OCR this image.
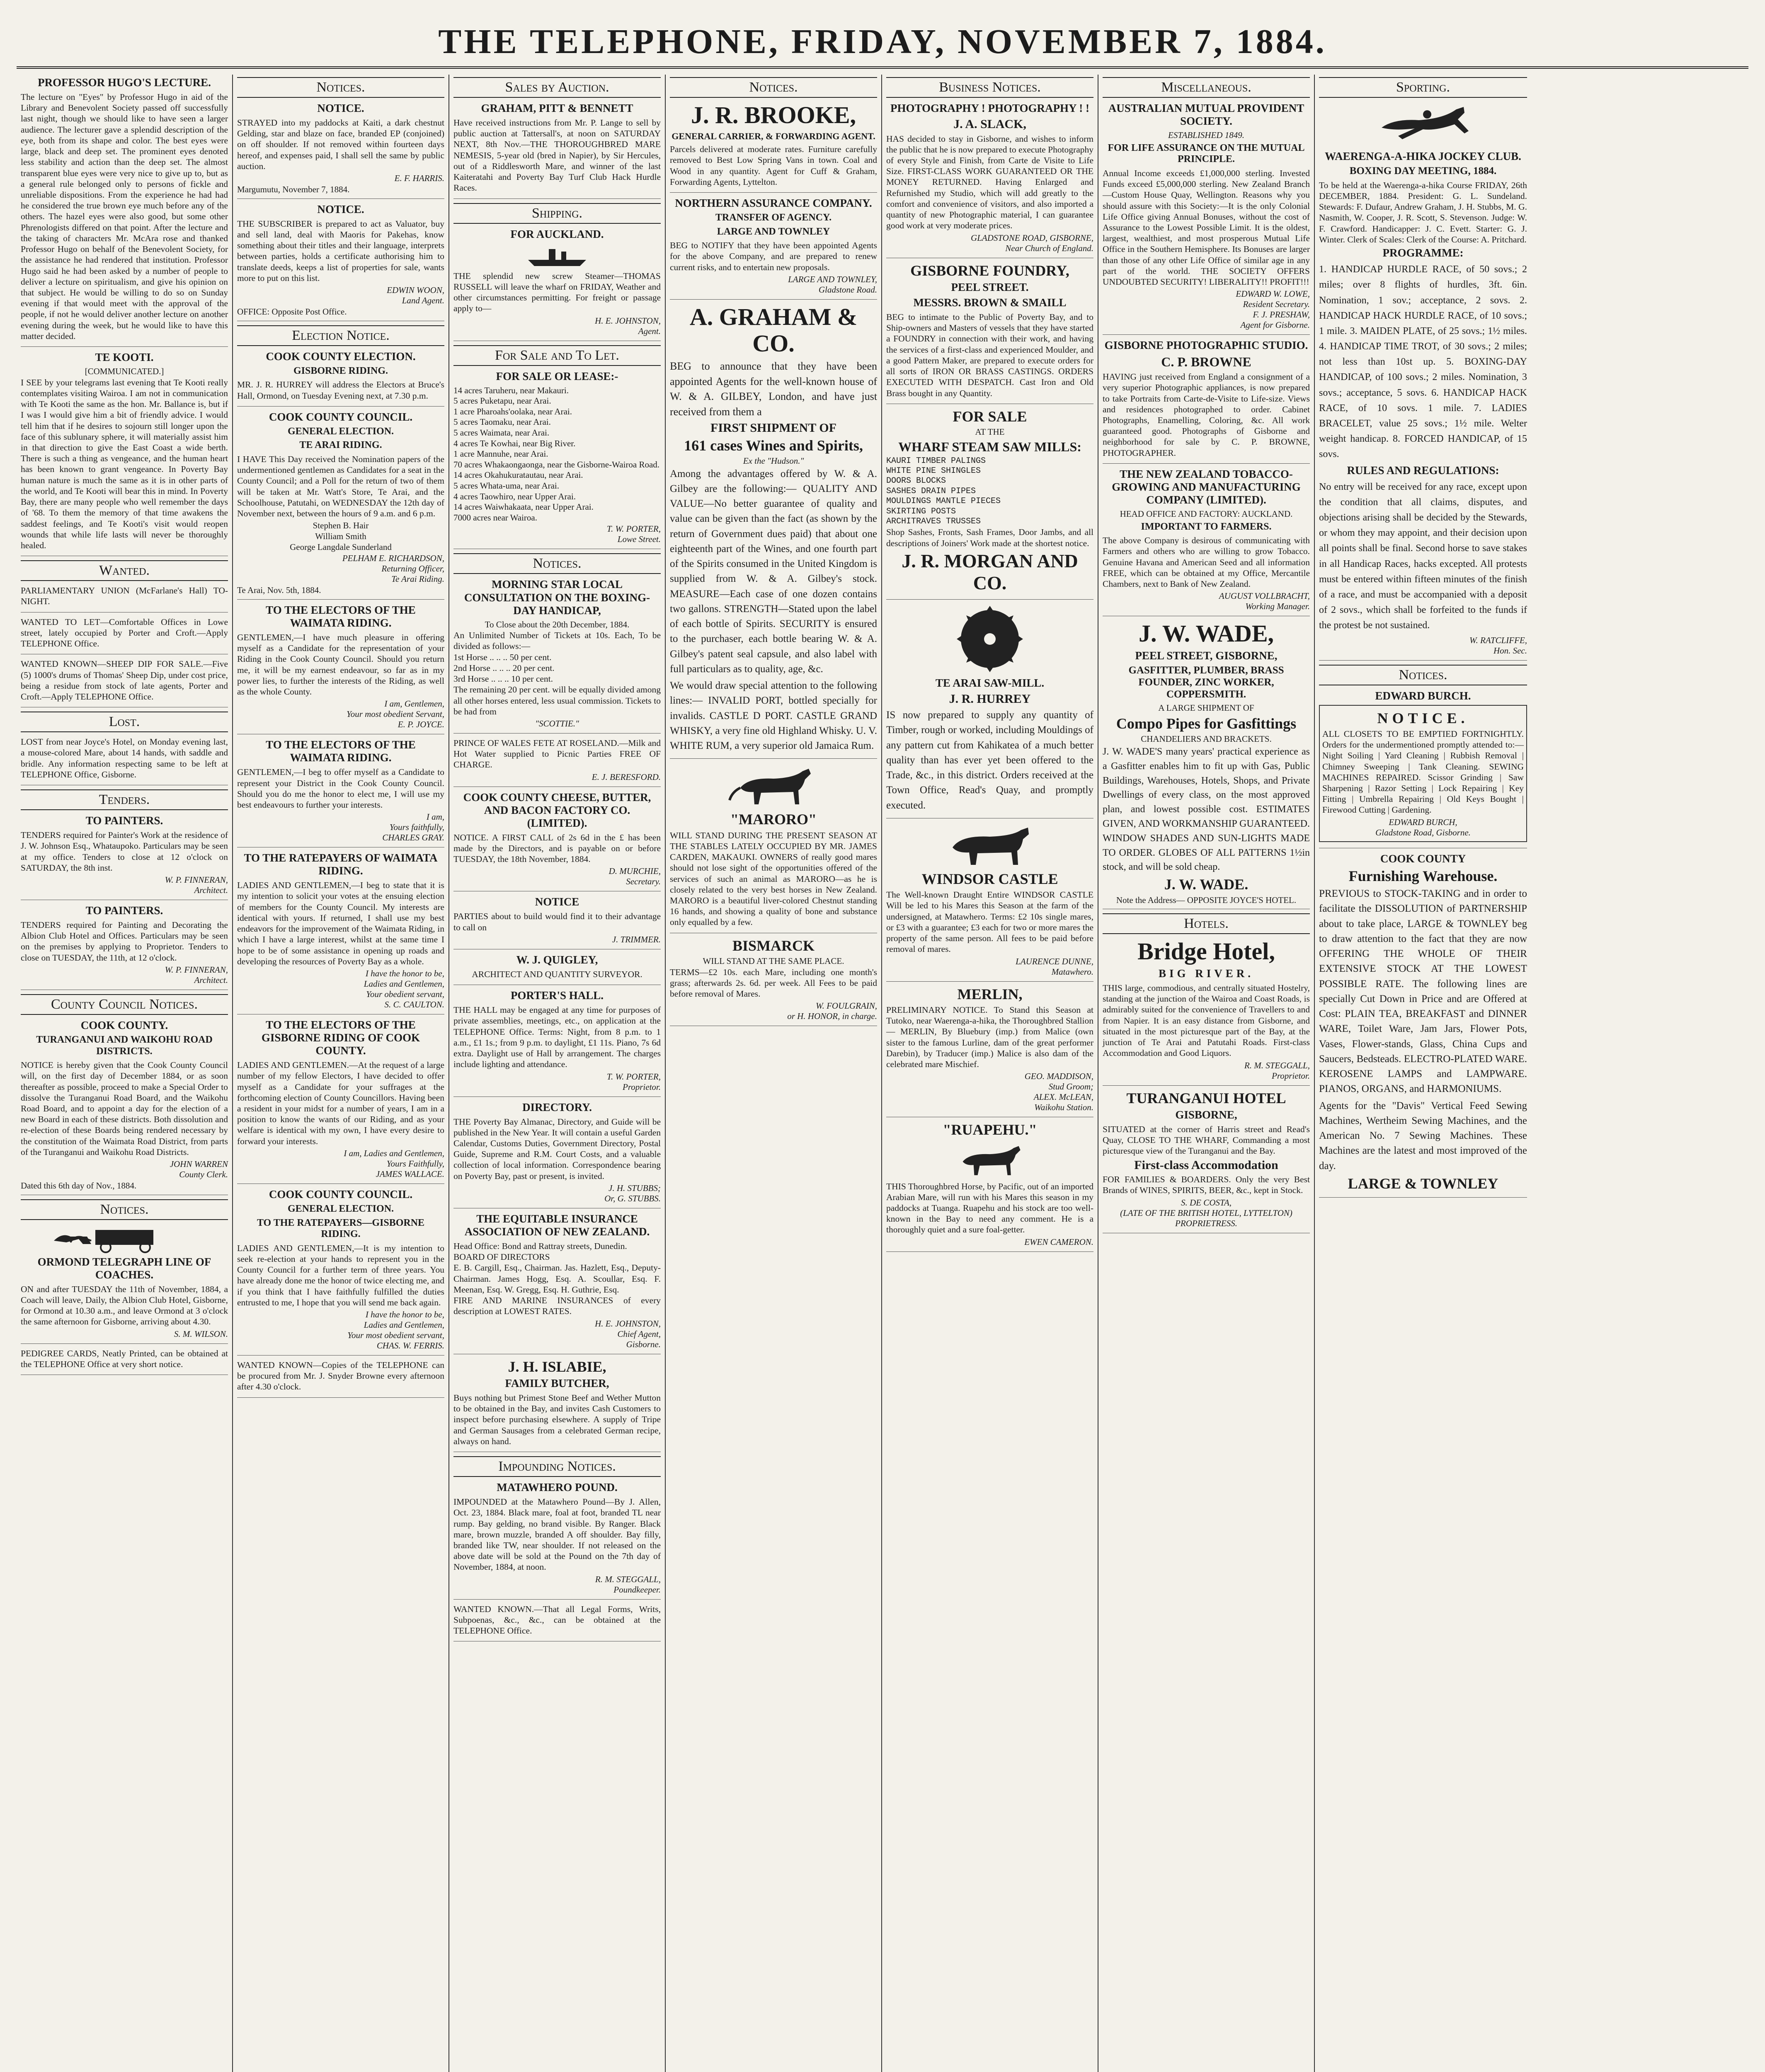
THE TELEPHONE, FRIDAY, NOVEMBER 7, 1884.
PROFESSOR HUGO'S LECTURE.

The lecture on "Eyes" by Professor Hugo in aid of the Library and Benevolent Society passed off successfully last night, though we should like to have seen a larger audience. The lecturer gave a splendid description of the eye, both from its shape and color. The best eyes were large, black and deep set. The prominent eyes denoted less stability and action than the deep set. The almost transparent blue eyes were very nice to give up to, but as a general rule belonged only to persons of fickle and unreliable dispositions. From the experience he had had he considered the true brown eye much before any of the others. The hazel eyes were also good, but some other Phrenologists differed on that point. After the lecture and the taking of characters Mr. McAra rose and thanked Professor Hugo on behalf of the Benevolent Society, for the assistance he had rendered that institution. Professor Hugo said he had been asked by a number of people to deliver a lecture on spiritualism, and give his opinion on that subject. He would be willing to do so on Sunday evening if that would meet with the approval of the people, if not he would deliver another lecture on another evening during the week, but he would like to have this matter decided.

TE KOOTI.
[COMMUNICATED.]

I SEE by your telegrams last evening that Te Kooti really contemplates visiting Wairoa. I am not in communication with Te Kooti the same as the hon. Mr. Ballance is, but if I was I would give him a bit of friendly advice. I would tell him that if he desires to sojourn still longer upon the face of this sublunary sphere, it will materially assist him in that direction to give the East Coast a wide berth. There is such a thing as vengeance, and the human heart has been known to grant vengeance. In Poverty Bay human nature is much the same as it is in other parts of the world, and Te Kooti will bear this in mind. In Poverty Bay, there are many people who well remember the days of '68. To them the memory of that time awakens the saddest feelings, and Te Kooti's visit would reopen wounds that while life lasts will never be thoroughly healed.

Wanted.

PARLIAMENTARY UNION (McFarlane's Hall) TO-NIGHT.

WANTED TO LET—Comfortable Offices in Lowe street, lately occupied by Porter and Croft.—Apply TELEPHONE Office.

WANTED KNOWN—SHEEP DIP FOR SALE.—Five (5) 1000's drums of Thomas' Sheep Dip, under cost price, being a residue from stock of late agents, Porter and Croft.—Apply TELEPHONE Office.

Lost.

LOST from near Joyce's Hotel, on Monday evening last, a mouse-colored Mare, about 14 hands, with saddle and bridle. Any information respecting same to be left at TELEPHONE Office, Gisborne.

Tenders.
TO PAINTERS.

TENDERS required for Painter's Work at the residence of J. W. Johnson Esq., Whataupoko. Particulars may be seen at my office. Tenders to close at 12 o'clock on SATURDAY, the 8th inst.

W. P. FINNERAN,
Architect.
TO PAINTERS.

TENDERS required for Painting and Decorating the Albion Club Hotel and Offices. Particulars may be seen on the premises by applying to Proprietor. Tenders to close on TUESDAY, the 11th, at 12 o'clock.

W. P. FINNERAN,
Architect.
County Council Notices.
COOK COUNTY.
TURANGANUI AND WAIKOHU ROAD DISTRICTS.

NOTICE is hereby given that the Cook County Council will, on the first day of December 1884, or as soon thereafter as possible, proceed to make a Special Order to dissolve the Turanganui Road Board, and the Waikohu Road Board, and to appoint a day for the election of a new Board in each of these districts. Both dissolution and re-election of these Boards being rendered necessary by the constitution of the Waimata Road District, from parts of the Turanganui and Waikohu Road Districts.

JOHN WARREN
County Clerk.
Dated this 6th day of Nov., 1884.
Notices.
ORMOND TELEGRAPH LINE OF COACHES.

ON and after TUESDAY the 11th of November, 1884, a Coach will leave, Daily, the Albion Club Hotel, Gisborne, for Ormond at 10.30 a.m., and leave Ormond at 3 o'clock the same afternoon for Gisborne, arriving about 4.30.

S. M. WILSON.

PEDIGREE CARDS, Neatly Printed, can be obtained at the TELEPHONE Office at very short notice.

Notices.
NOTICE.

STRAYED into my paddocks at Kaiti, a dark chestnut Gelding, star and blaze on face, branded EP (conjoined) on off shoulder. If not removed within fourteen days hereof, and expenses paid, I shall sell the same by public auction.

E. F. HARRIS.
Margumutu, November 7, 1884.
NOTICE.

THE SUBSCRIBER is prepared to act as Valuator, buy and sell land, deal with Maoris for Pakehas, know something about their titles and their language, interprets between parties, holds a certificate authorising him to translate deeds, keeps a list of properties for sale, wants more to put on this list.

EDWIN WOON,
Land Agent.
OFFICE: Opposite Post Office.
Election Notice.
COOK COUNTY ELECTION.
GISBORNE RIDING.

MR. J. R. HURREY will address the Electors at Bruce's Hall, Ormond, on Tuesday Evening next, at 7.30 p.m.

COOK COUNTY COUNCIL.
GENERAL ELECTION.
TE ARAI RIDING.

I HAVE This Day received the Nomination papers of the undermentioned gentlemen as Candidates for a seat in the County Council; and a Poll for the return of two of them will be taken at Mr. Watt's Store, Te Arai, and the Schoolhouse, Patutahi, on WEDNESDAY the 12th day of November next, between the hours of 9 a.m. and 6 p.m.

Stephen B. Hair
William Smith
George Langdale Sunderland
PELHAM E. RICHARDSON,
Returning Officer,
Te Arai Riding.
Te Arai, Nov. 5th, 1884.
TO THE ELECTORS OF THE WAIMATA RIDING.

GENTLEMEN,—I have much pleasure in offering myself as a Candidate for the representation of your Riding in the Cook County Council. Should you return me, it will be my earnest endeavour, so far as in my power lies, to further the interests of the Riding, as well as the whole County.

I am, Gentlemen,
Your most obedient Servant,
E. P. JOYCE.
TO THE ELECTORS OF THE WAIMATA RIDING.

GENTLEMEN,—I beg to offer myself as a Candidate to represent your District in the Cook County Council. Should you do me the honor to elect me, I will use my best endeavours to further your interests.

I am,
Yours faithfully,
CHARLES GRAY.
TO THE RATEPAYERS OF WAIMATA RIDING.

LADIES AND GENTLEMEN,—I beg to state that it is my intention to solicit your votes at the ensuing election of members for the County Council. My interests are identical with yours. If returned, I shall use my best endeavors for the improvement of the Waimata Riding, in which I have a large interest, whilst at the same time I hope to be of some assistance in opening up roads and developing the resources of Poverty Bay as a whole.

I have the honor to be,
Ladies and Gentlemen,
Your obedient servant,
S. C. CAULTON.
TO THE ELECTORS OF THE GISBORNE RIDING OF COOK COUNTY.

LADIES AND GENTLEMEN.—At the request of a large number of my fellow Electors, I have decided to offer myself as a Candidate for your suffrages at the forthcoming election of County Councillors. Having been a resident in your midst for a number of years, I am in a position to know the wants of our Riding, and as your welfare is identical with my own, I have every desire to forward your interests.

I am, Ladies and Gentlemen,
Yours Faithfully,
JAMES WALLACE.
COOK COUNTY COUNCIL.
GENERAL ELECTION.
TO THE RATEPAYERS—GISBORNE RIDING.

LADIES AND GENTLEMEN,—It is my intention to seek re-election at your hands to represent you in the County Council for a further term of three years. You have already done me the honor of twice electing me, and if you think that I have faithfully fulfilled the duties entrusted to me, I hope that you will send me back again.

I have the honor to be,
Ladies and Gentlemen,
Your most obedient servant,
CHAS. W. FERRIS.

WANTED KNOWN—Copies of the TELEPHONE can be procured from Mr. J. Snyder Browne every afternoon after 4.30 o'clock.

Sales by Auction.
GRAHAM, PITT & BENNETT

Have received instructions from Mr. P. Lange to sell by public auction at Tattersall's, at noon on SATURDAY NEXT, 8th Nov.—THE THOROUGHBRED MARE NEMESIS, 5-year old (bred in Napier), by Sir Hercules, out of a Riddlesworth Mare, and winner of the last Kaiteratahi and Poverty Bay Turf Club Hack Hurdle Races.

Shipping.
FOR AUCKLAND.

THE splendid new screw Steamer—THOMAS RUSSELL will leave the wharf on FRIDAY, Weather and other circumstances permitting. For freight or passage apply to—

H. E. JOHNSTON,
Agent.
For Sale and To Let.
FOR SALE OR LEASE:-
14 acres Taruheru, near Makauri.
5 acres Puketapu, near Arai.
1 acre Pharoahs'oolaka, near Arai.
5 acres Taomaku, near Arai.
5 acres Waimata, near Arai.
4 acres Te Kowhai, near Big River.
1 acre Mannuhe, near Arai.
70 acres Whakaongaonga, near the Gisborne-Wairoa Road.
14 acres Okahukuratautau, near Arai.
5 acres Whata-uma, near Arai.
4 acres Taowhiro, near Upper Arai.
14 acres Waiwhakaata, near Upper Arai.
7000 acres near Wairoa.
T. W. PORTER,
Lowe Street.
Notices.
MORNING STAR LOCAL CONSULTATION ON THE BOXING-DAY HANDICAP,
To Close about the 20th December, 1884.

An Unlimited Number of Tickets at 10s. Each, To be divided as follows:—
1st Horse .. .. .. 50 per cent.
2nd Horse .. .. .. 20 per cent.
3rd Horse .. .. .. 10 per cent.
The remaining 20 per cent. will be equally divided among all other horses entered, less usual commission. Tickets to be had from

"SCOTTIE."

PRINCE OF WALES FETE AT ROSELAND.—Milk and Hot Water supplied to Picnic Parties FREE OF CHARGE.

E. J. BERESFORD.
COOK COUNTY CHEESE, BUTTER, AND BACON FACTORY CO. (LIMITED).

NOTICE. A FIRST CALL of 2s 6d in the £ has been made by the Directors, and is payable on or before TUESDAY, the 18th November, 1884.

D. MURCHIE,
Secretary.
NOTICE

PARTIES about to build would find it to their advantage to call on

J. TRIMMER.
W. J. QUIGLEY,

ARCHITECT AND QUANTITY SURVEYOR.

PORTER'S HALL.

THE HALL may be engaged at any time for purposes of private assemblies, meetings, etc., on application at the TELEPHONE Office. Terms: Night, from 8 p.m. to 1 a.m., £1 1s.; from 9 p.m. to daylight, £1 11s. Piano, 7s 6d extra. Daylight use of Hall by arrangement. The charges include lighting and attendance.

T. W. PORTER,
Proprietor.
DIRECTORY.

THE Poverty Bay Almanac, Directory, and Guide will be published in the New Year. It will contain a useful Garden Calendar, Customs Duties, Government Directory, Postal Guide, Supreme and R.M. Court Costs, and a valuable collection of local information. Correspondence bearing on Poverty Bay, past or present, is invited.

J. H. STUBBS;
Or, G. STUBBS.
THE EQUITABLE INSURANCE ASSOCIATION OF NEW ZEALAND.

Head Office: Bond and Rattray streets, Dunedin.
BOARD OF DIRECTORS
E. B. Cargill, Esq., Chairman. Jas. Hazlett, Esq., Deputy-Chairman. James Hogg, Esq. A. Scoullar, Esq. F. Meenan, Esq. W. Gregg, Esq. H. Guthrie, Esq.
FIRE AND MARINE INSURANCES of every description at LOWEST RATES.

H. E. JOHNSTON,
Chief Agent,
Gisborne.
J. H. ISLABIE,
FAMILY BUTCHER,

Buys nothing but Primest Stone Beef and Wether Mutton to be obtained in the Bay, and invites Cash Customers to inspect before purchasing elsewhere. A supply of Tripe and German Sausages from a celebrated German recipe, always on hand.

Impounding Notices.
MATAWHERO POUND.

IMPOUNDED at the Matawhero Pound—By J. Allen, Oct. 23, 1884. Black mare, foal at foot, branded TL near rump. Bay gelding, no brand visible. By Ranger. Black mare, brown muzzle, branded A off shoulder. Bay filly, branded like TW, near shoulder. If not released on the above date will be sold at the Pound on the 7th day of November, 1884, at noon.

R. M. STEGGALL,
Poundkeeper.

WANTED KNOWN.—That all Legal Forms, Writs, Subpoenas, &c., &c., can be obtained at the TELEPHONE Office.

Notices.
J. R. BROOKE,
GENERAL CARRIER, & FORWARDING AGENT.

Parcels delivered at moderate rates. Furniture carefully removed to Best Low Spring Vans in town. Coal and Wood in any quantity. Agent for Cuff & Graham, Forwarding Agents, Lyttelton.

NORTHERN ASSURANCE COMPANY.
TRANSFER OF AGENCY.
LARGE AND TOWNLEY

BEG to NOTIFY that they have been appointed Agents for the above Company, and are prepared to renew current risks, and to entertain new proposals.

LARGE AND TOWNLEY,
Gladstone Road.
A. GRAHAM & CO.

BEG to announce that they have been appointed Agents for the well-known house of W. & A. GILBEY, London, and have just received from them a

FIRST SHIPMENT OF
161 cases Wines and Spirits,
Ex the "Hudson."

Among the advantages offered by W. & A. Gilbey are the following:— QUALITY AND VALUE—No better guarantee of quality and value can be given than the fact (as shown by the return of Government dues paid) that about one eighteenth part of the Wines, and one fourth part of the Spirits consumed in the United Kingdom is supplied from W. & A. Gilbey's stock. MEASURE—Each case of one dozen contains two gallons. STRENGTH—Stated upon the label of each bottle of Spirits. SECURITY is ensured to the purchaser, each bottle bearing W. & A. Gilbey's patent seal capsule, and also label with full particulars as to quality, age, &c.

We would draw special attention to the following lines:— INVALID PORT, bottled specially for invalids. CASTLE D PORT. CASTLE GRAND WHISKY, a very fine old Highland Whisky. U. V. WHITE RUM, a very superior old Jamaica Rum.

"MARORO"

WILL STAND DURING THE PRESENT SEASON AT THE STABLES LATELY OCCUPIED BY MR. JAMES CARDEN, MAKAUKI. OWNERS of really good mares should not lose sight of the opportunities offered of the services of such an animal as MARORO—as he is closely related to the very best horses in New Zealand. MARORO is a beautiful liver-colored Chestnut standing 16 hands, and showing a quality of bone and substance only equalled by a few.

BISMARCK
WILL STAND AT THE SAME PLACE.

TERMS—£2 10s. each Mare, including one month's grass; afterwards 2s. 6d. per week. All Fees to be paid before removal of Mares.

W. FOULGRAIN,
or H. HONOR, in charge.
Business Notices.
PHOTOGRAPHY ! PHOTOGRAPHY ! !
J. A. SLACK,

HAS decided to stay in Gisborne, and wishes to inform the public that he is now prepared to execute Photography of every Style and Finish, from Carte de Visite to Life Size. FIRST-CLASS WORK GUARANTEED OR THE MONEY RETURNED. Having Enlarged and Refurnished my Studio, which will add greatly to the comfort and convenience of visitors, and also imported a quantity of new Photographic material, I can guarantee good work at very moderate prices.

GLADSTONE ROAD, GISBORNE,
Near Church of England.
GISBORNE FOUNDRY,
PEEL STREET.
MESSRS. BROWN & SMAILL

BEG to intimate to the Public of Poverty Bay, and to Ship-owners and Masters of vessels that they have started a FOUNDRY in connection with their work, and having the services of a first-class and experienced Moulder, and a good Pattern Maker, are prepared to execute orders for all sorts of IRON OR BRASS CASTINGS. ORDERS EXECUTED WITH DESPATCH. Cast Iron and Old Brass bought in any Quantity.

FOR SALE
AT THE
WHARF STEAM SAW MILLS:
KAURI TIMBER PALINGS
WHITE PINE SHINGLES
DOORS BLOCKS
SASHES DRAIN PIPES
MOULDINGS MANTLE PIECES
SKIRTING POSTS
ARCHITRAVES TRUSSES

Shop Sashes, Fronts, Sash Frames, Door Jambs, and all descriptions of Joiners' Work made at the shortest notice.

J. R. MORGAN AND CO.
TE ARAI SAW-MILL.
J. R. HURREY

IS now prepared to supply any quantity of Timber, rough or worked, including Mouldings of any pattern cut from Kahikatea of a much better quality than has ever yet been offered to the Trade, &c., in this district. Orders received at the Town Office, Read's Quay, and promptly executed.

WINDSOR CASTLE

The Well-known Draught Entire WINDSOR CASTLE Will be led to his Mares this Season at the farm of the undersigned, at Matawhero. Terms: £2 10s single mares, or £3 with a guarantee; £3 each for two or more mares the property of the same person. All fees to be paid before removal of mares.

LAURENCE DUNNE,
Matawhero.
MERLIN,

PRELIMINARY NOTICE. To Stand this Season at Tutoko, near Waerenga-a-hika, the Thoroughbred Stallion— MERLIN, By Bluebury (imp.) from Malice (own sister to the famous Lurline, dam of the great performer Darebin), by Traducer (imp.) Malice is also dam of the celebrated mare Mischief.

GEO. MADDISON,
Stud Groom;
ALEX. McLEAN,
Waikohu Station.
"RUAPEHU."

THIS Thoroughbred Horse, by Pacific, out of an imported Arabian Mare, will run with his Mares this season in my paddocks at Tuanga. Ruapehu and his stock are too well-known in the Bay to need any comment. He is a thoroughly quiet and a sure foal-getter.

EWEN CAMERON.
Miscellaneous.
AUSTRALIAN MUTUAL PROVIDENT SOCIETY.
ESTABLISHED 1849.
FOR LIFE ASSURANCE ON THE MUTUAL PRINCIPLE.

Annual Income exceeds £1,000,000 sterling. Invested Funds exceed £5,000,000 sterling. New Zealand Branch—Custom House Quay, Wellington. Reasons why you should assure with this Society:—It is the only Colonial Life Office giving Annual Bonuses, without the cost of Assurance to the Lowest Possible Limit. It is the oldest, largest, wealthiest, and most prosperous Mutual Life Office in the Southern Hemisphere. Its Bonuses are larger than those of any other Life Office of similar age in any part of the world. THE SOCIETY OFFERS UNDOUBTED SECURITY! LIBERALITY!! PROFIT!!!

EDWARD W. LOWE,
Resident Secretary.
F. J. PRESHAW,
Agent for Gisborne.
GISBORNE PHOTOGRAPHIC STUDIO.
C. P. BROWNE

HAVING just received from England a consignment of a very superior Photographic appliances, is now prepared to take Portraits from Carte-de-Visite to Life-size. Views and residences photographed to order. Cabinet Photographs, Enamelling, Coloring, &c. All work guaranteed good. Photographs of Gisborne and neighborhood for sale by C. P. BROWNE, PHOTOGRAPHER.

THE NEW ZEALAND TOBACCO-GROWING AND MANUFACTURING COMPANY (LIMITED).
HEAD OFFICE AND FACTORY: AUCKLAND.
IMPORTANT TO FARMERS.

The above Company is desirous of communicating with Farmers and others who are willing to grow Tobacco. Genuine Havana and American Seed and all information FREE, which can be obtained at my Office, Mercantile Chambers, next to Bank of New Zealand.

AUGUST VOLLBRACHT,
Working Manager.
J. W. WADE,
PEEL STREET, GISBORNE,
GASFITTER, PLUMBER, BRASS FOUNDER, ZINC WORKER, COPPERSMITH.
A LARGE SHIPMENT OF
Compo Pipes for Gasfittings
CHANDELIERS AND BRACKETS.

J. W. WADE'S many years' practical experience as a Gasfitter enables him to fit up with Gas, Public Buildings, Warehouses, Hotels, Shops, and Private Dwellings of every class, on the most approved plan, and lowest possible cost. ESTIMATES GIVEN, AND WORKMANSHIP GUARANTEED. WINDOW SHADES AND SUN-LIGHTS MADE TO ORDER. GLOBES OF ALL PATTERNS 1½in stock, and will be sold cheap.

J. W. WADE.
Note the Address— OPPOSITE JOYCE'S HOTEL.
Hotels.
Bridge Hotel,
BIG RIVER.

THIS large, commodious, and centrally situated Hostelry, standing at the junction of the Wairoa and Coast Roads, is admirably suited for the convenience of Travellers to and from Napier. It is an easy distance from Gisborne, and situated in the most picturesque part of the Bay, at the junction of Te Arai and Patutahi Roads. First-class Accommodation and Good Liquors.

R. M. STEGGALL,
Proprietor.
TURANGANUI HOTEL
GISBORNE,

SITUATED at the corner of Harris street and Read's Quay, CLOSE TO THE WHARF, Commanding a most picturesque view of the Turanganui and the Bay.

First-class Accommodation

FOR FAMILIES & BOARDERS. Only the very Best Brands of WINES, SPIRITS, BEER, &c., kept in Stock.

S. DE COSTA,
(LATE OF THE BRITISH HOTEL, LYTTELTON)
PROPRIETRESS.
Sporting.
WAERENGA-A-HIKA JOCKEY CLUB.
BOXING DAY MEETING, 1884.

To be held at the Waerenga-a-hika Course FRIDAY, 26th DECEMBER, 1884. President: G. L. Sundeland. Stewards: F. Dufaur, Andrew Graham, J. H. Stubbs, M. G. Nasmith, W. Cooper, J. R. Scott, S. Stevenson. Judge: W. F. Crawford. Handicapper: J. C. Evett. Starter: G. J. Winter. Clerk of Scales: Clerk of the Course: A. Pritchard.

PROGRAMME:

1. HANDICAP HURDLE RACE, of 50 sovs.; 2 miles; over 8 flights of hurdles, 3ft. 6in. Nomination, 1 sov.; acceptance, 2 sovs. 2. HANDICAP HACK HURDLE RACE, of 10 sovs.; 1 mile. 3. MAIDEN PLATE, of 25 sovs.; 1½ miles. 4. HANDICAP TIME TROT, of 30 sovs.; 2 miles; not less than 10st up. 5. BOXING-DAY HANDICAP, of 100 sovs.; 2 miles. Nomination, 3 sovs.; acceptance, 5 sovs. 6. HANDICAP HACK RACE, of 10 sovs. 1 mile. 7. LADIES BRACELET, value 25 sovs.; 1½ mile. Welter weight handicap. 8. FORCED HANDICAP, of 15 sovs.

RULES AND REGULATIONS:

No entry will be received for any race, except upon the condition that all claims, disputes, and objections arising shall be decided by the Stewards, or whom they may appoint, and their decision upon all points shall be final. Second horse to save stakes in all Handicap Races, hacks excepted. All protests must be entered within fifteen minutes of the finish of a race, and must be accompanied with a deposit of 2 sovs., which shall be forfeited to the funds if the protest be not sustained.

W. RATCLIFFE,
Hon. Sec.
Notices.
EDWARD BURCH.
NOTICE.

ALL CLOSETS TO BE EMPTIED FORTNIGHTLY. Orders for the undermentioned promptly attended to:— Night Soiling | Yard Cleaning | Rubbish Removal | Chimney Sweeping | Tank Cleaning. SEWING MACHINES REPAIRED. Scissor Grinding | Saw Sharpening | Razor Setting | Lock Repairing | Key Fitting | Umbrella Repairing | Old Keys Bought | Firewood Cutting | Gardening.

EDWARD BURCH,
Gladstone Road, Gisborne.
COOK COUNTY
Furnishing Warehouse.

PREVIOUS to STOCK-TAKING and in order to facilitate the DISSOLUTION of PARTNERSHIP about to take place, LARGE & TOWNLEY beg to draw attention to the fact that they are now OFFERING THE WHOLE OF THEIR EXTENSIVE STOCK AT THE LOWEST POSSIBLE RATE. The following lines are specially Cut Down in Price and are Offered at Cost: PLAIN TEA, BREAKFAST and DINNER WARE, Toilet Ware, Jam Jars, Flower Pots, Vases, Flower-stands, Glass, China Cups and Saucers, Bedsteads. ELECTRO-PLATED WARE. KEROSENE LAMPS and LAMPWARE. PIANOS, ORGANS, and HARMONIUMS.

Agents for the "Davis" Vertical Feed Sewing Machines, Wertheim Sewing Machines, and the American No. 7 Sewing Machines. These Machines are the latest and most improved of the day.

LARGE & TOWNLEY
